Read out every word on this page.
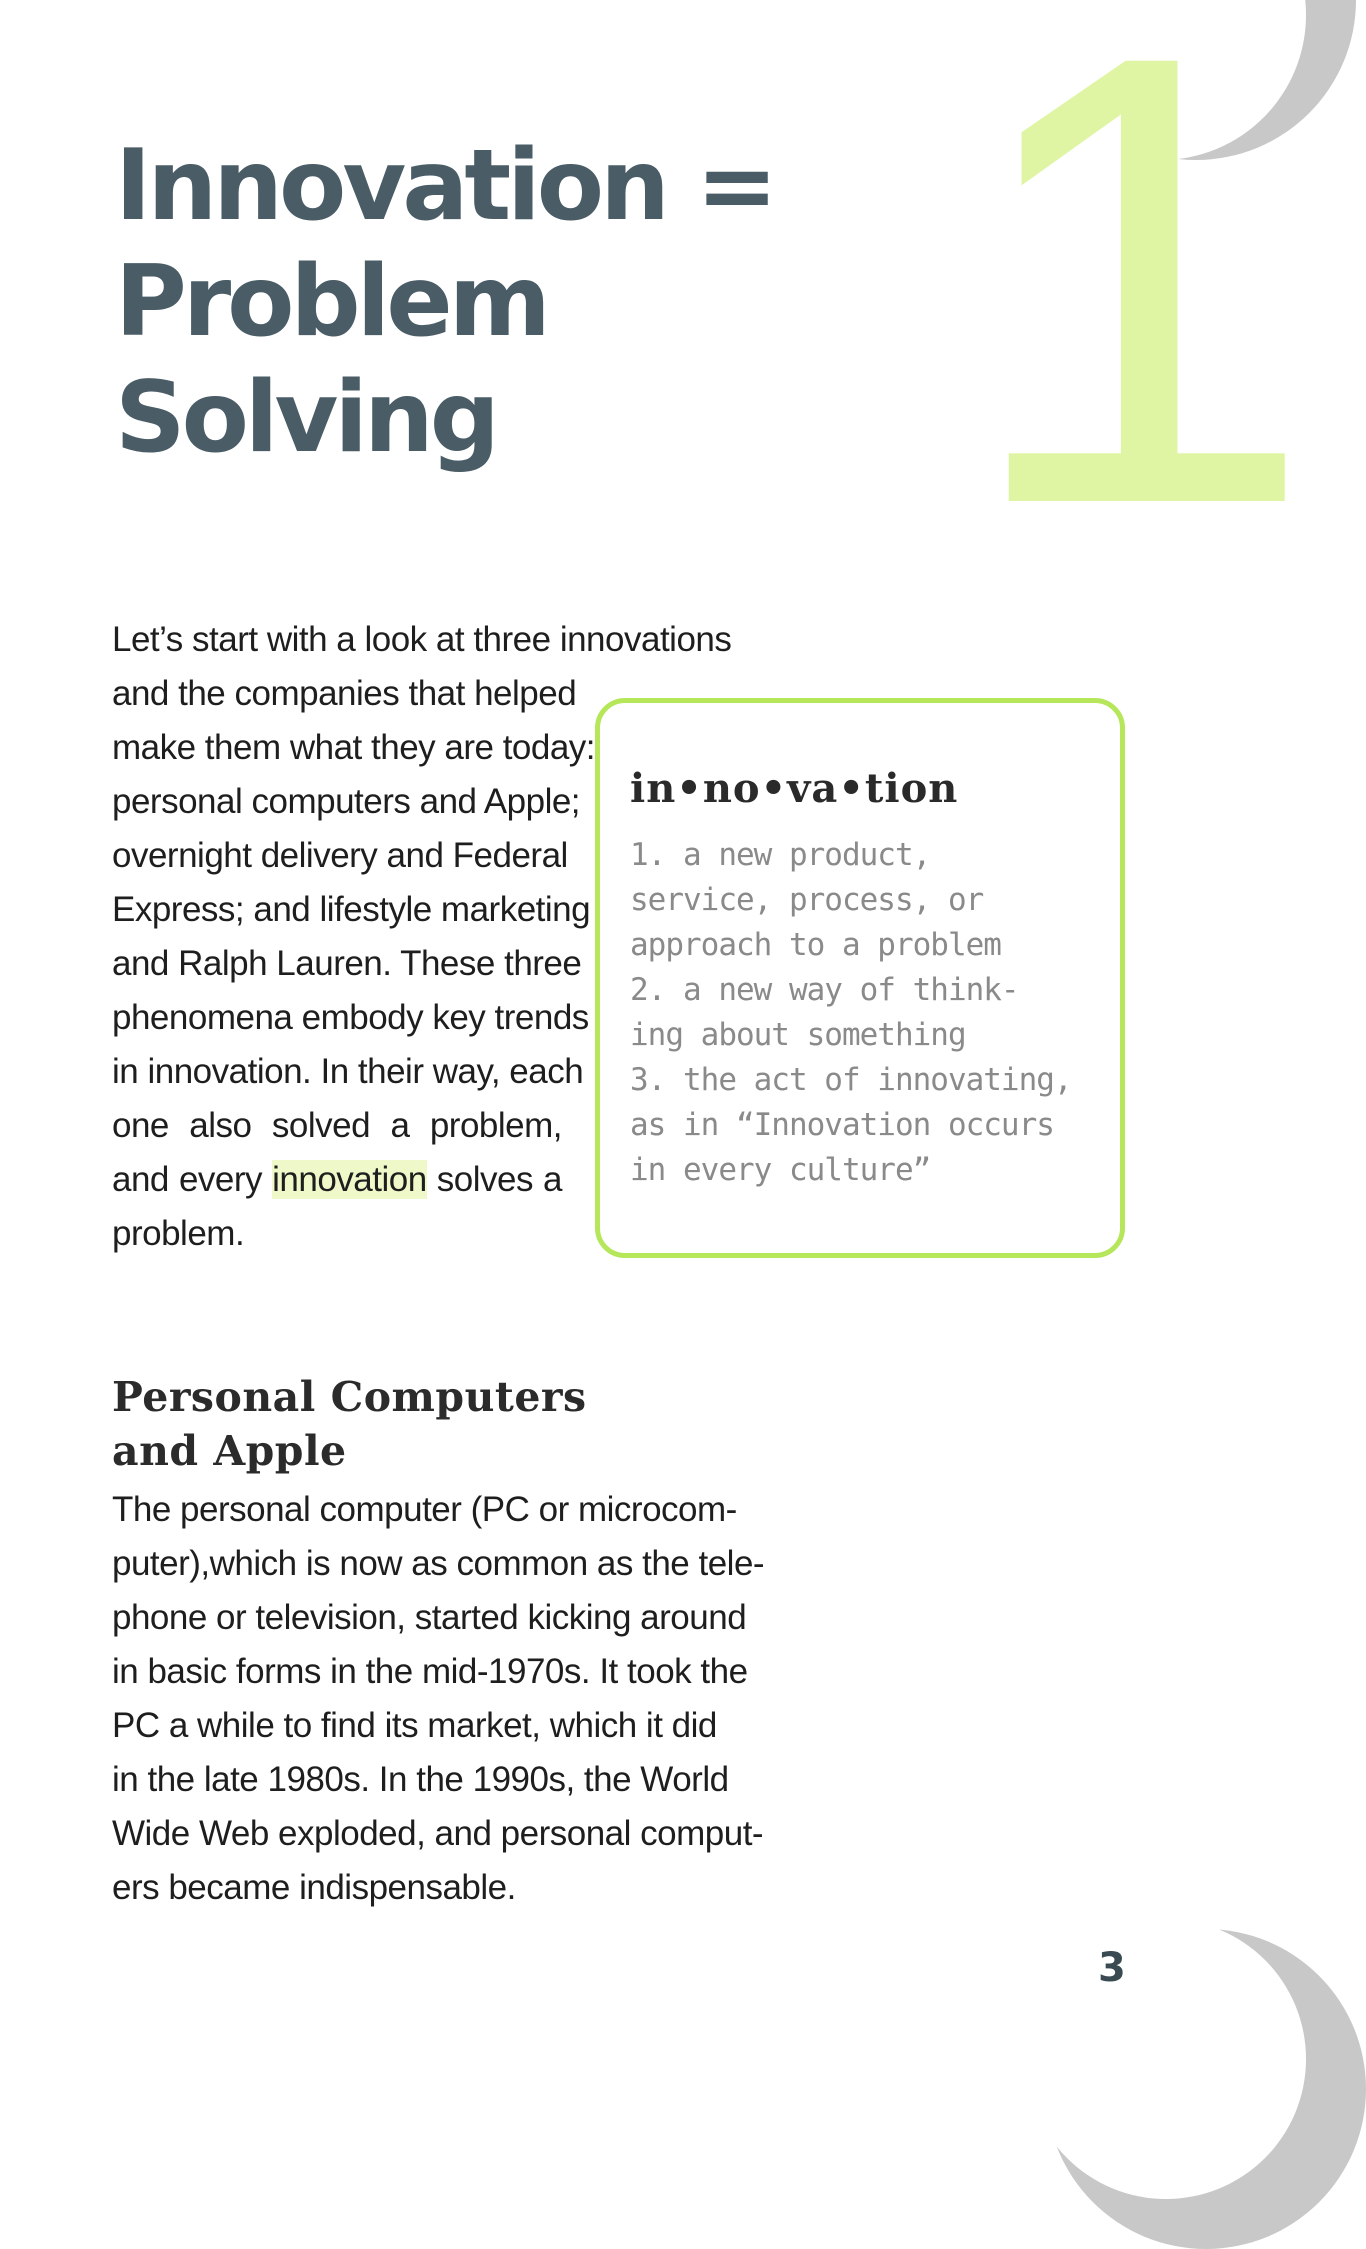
1
Innovation =
Problem
Solving

Let’s start with a look at three innovations
and the companies that helped
make them what they are today:
personal computers and Apple;
overnight delivery and Federal
Express; and lifestyle marketing
and Ralph Lauren. These three
phenomena embody key trends
in innovation. In their way, each
one also solved a problem,
and every innovation solves a
problem.

in•no•va•tion
1. a new product,
service, process, or
approach to a problem
2. a new way of think-
ing about something
3. the act of innovating,
as in “Innovation occurs
in every culture”
Personal Computers
and Apple

The personal computer (PC or microcom-
puter),which is now as common as the tele-
phone or television, started kicking around
in basic forms in the mid-1970s. It took the
PC a while to find its market, which it did
in the late 1980s. In the 1990s, the World
Wide Web exploded, and personal comput-
ers became indispensable.

3
